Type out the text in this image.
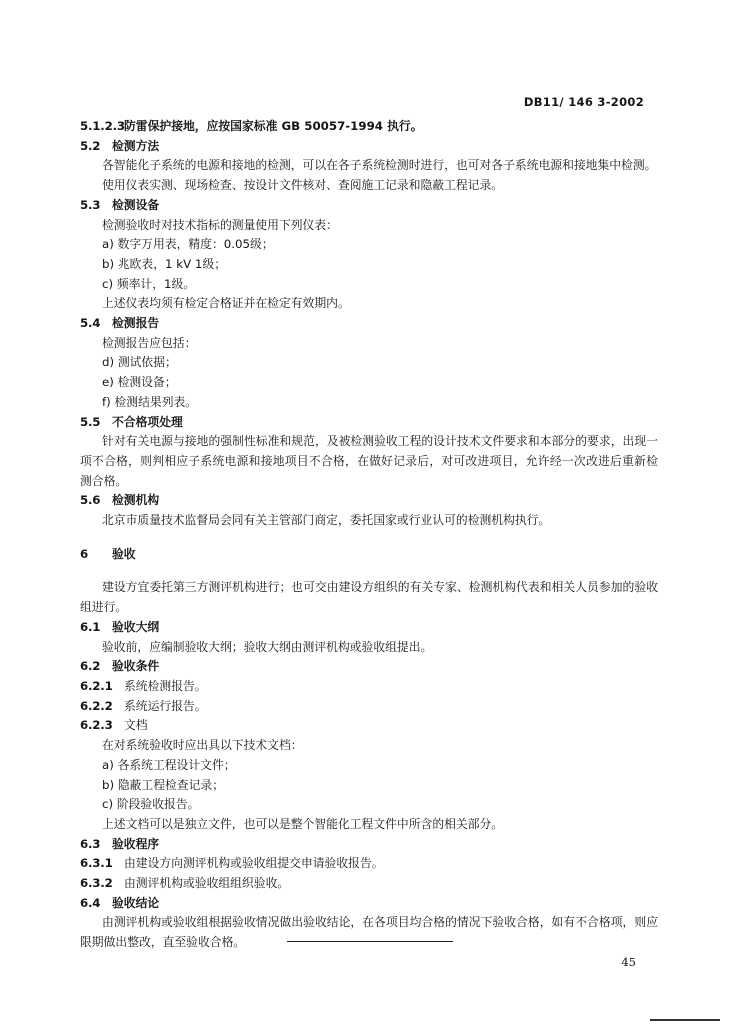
DB11/ 146 3-2002
5.1.2.3防雷保护接地，应按国家标准 GB 50057-1994 执行。
5.2 检测方法
各智能化子系统的电源和接地的检测，可以在各子系统检测时进行，也可对各子系统电源和接地集中检测。
使用仪表实测、现场检查、按设计文件核对、查阅施工记录和隐蔽工程记录。
5.3 检测设备
检测验收时对技术指标的测量使用下列仪表：
a) 数字万用表，精度：0.05级；
b) 兆欧表，1 kV 1级；
c) 频率计，1级。
上述仪表均须有检定合格证并在检定有效期内。
5.4 检测报告
检测报告应包括：
d) 测试依据；
e) 检测设备；
f) 检测结果列表。
5.5 不合格项处理
针对有关电源与接地的强制性标准和规范，及被检测验收工程的设计技术文件要求和本部分的要求，出现一项不合格，则判相应子系统电源和接地项目不合格，在做好记录后，对可改进项目，允许经一次改进后重新检测合格。
5.6 检测机构
北京市质量技术监督局会同有关主管部门商定，委托国家或行业认可的检测机构执行。
6 验收
建设方宜委托第三方测评机构进行；也可交由建设方组织的有关专家、检测机构代表和相关人员参加的验收组进行。
6.1 验收大纲
验收前，应编制验收大纲；验收大纲由测评机构或验收组提出。
6.2 验收条件
6.2.1 系统检测报告。
6.2.2 系统运行报告。
6.2.3 文档
在对系统验收时应出具以下技术文档：
a) 各系统工程设计文件；
b) 隐蔽工程检查记录；
c) 阶段验收报告。
上述文档可以是独立文件，也可以是整个智能化工程文件中所含的相关部分。
6.3 验收程序
6.3.1 由建设方向测评机构或验收组提交申请验收报告。
6.3.2 由测评机构或验收组组织验收。
6.4 验收结论
由测评机构或验收组根据验收情况做出验收结论，在各项目均合格的情况下验收合格，如有不合格项，则应限期做出整改，直至验收合格。
45
